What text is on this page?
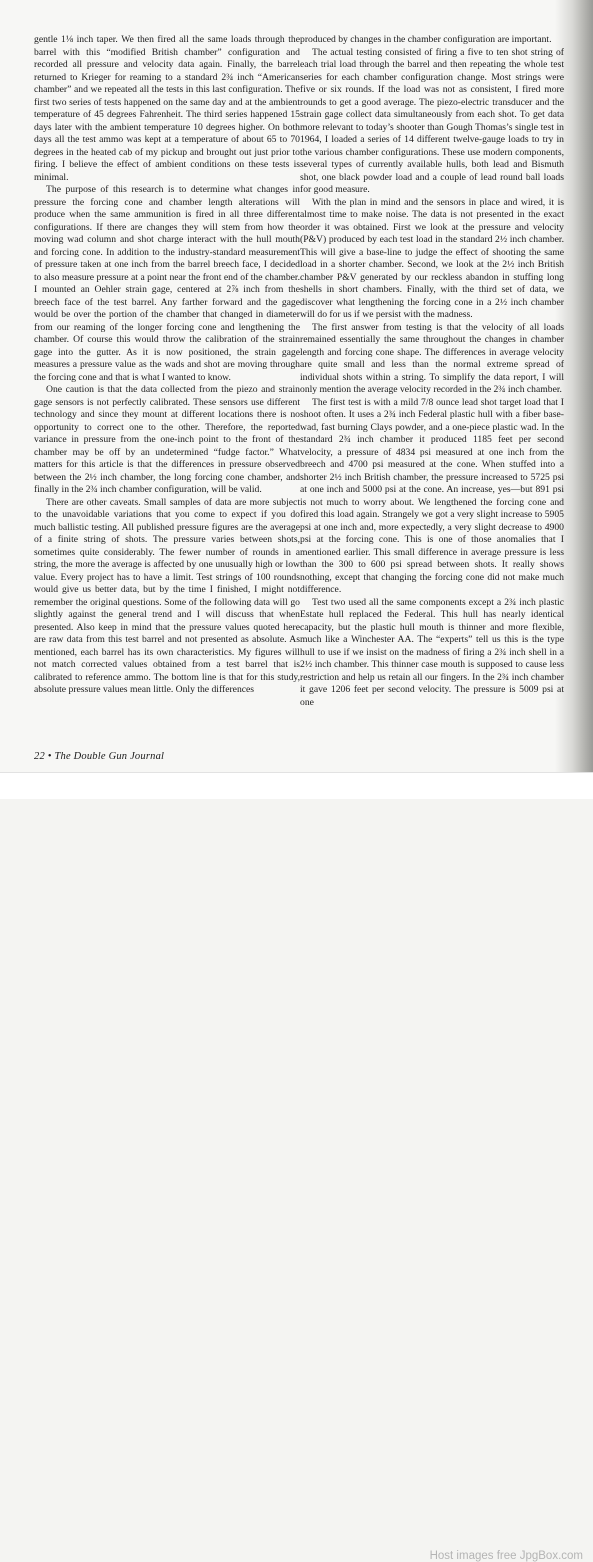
gentle 1⅛ inch taper. We then fired all the same loads through the barrel with this “modified British chamber” configuration and recorded all pressure and velocity data again. Finally, the barrel returned to Krieger for reaming to a standard 2¾ inch “American chamber” and we repeated all the tests in this last configuration. The first two series of tests happened on the same day and at the ambient temperature of 45 degrees Fahrenheit. The third series happened 15 days later with the ambient temperature 10 degrees higher. On both days all the test ammo was kept at a temperature of about 65 to 70 degrees in the heated cab of my pickup and brought out just prior to firing. I believe the effect of ambient conditions on these tests is minimal.

The purpose of this research is to determine what changes in pressure the forcing cone and chamber length alterations will produce when the same ammunition is fired in all three different configurations. If there are changes they will stem from how the moving wad column and shot charge interact with the hull mouth and forcing cone. In addition to the industry-standard measurement of pressure taken at one inch from the barrel breech face, I decided to also measure pressure at a point near the front end of the chamber. I mounted an Oehler strain gage, centered at 2⅞ inch from the breech face of the test barrel. Any farther forward and the gage would be over the portion of the chamber that changed in diameter from our reaming of the longer forcing cone and lengthening the chamber. Of course this would throw the calibration of the strain gage into the gutter. As it is now positioned, the strain gage measures a pressure value as the wads and shot are moving through the forcing cone and that is what I wanted to know.

One caution is that the data collected from the piezo and strain gage sensors is not perfectly calibrated. These sensors use different technology and since they mount at different locations there is no opportunity to correct one to the other. Therefore, the reported variance in pressure from the one-inch point to the front of the chamber may be off by an undetermined “fudge factor.” What matters for this article is that the differences in pressure observed between the 2½ inch chamber, the long forcing cone chamber, and finally in the 2¾ inch chamber configuration, will be valid.

There are other caveats. Small samples of data are more subject to the unavoidable variations that you come to expect if you do much ballistic testing. All published pressure figures are the average of a finite string of shots. The pressure varies between shots, sometimes quite considerably. The fewer number of rounds in a string, the more the average is affected by one unusually high or low value. Every project has to have a limit. Test strings of 100 rounds would give us better data, but by the time I finished, I might not remember the original questions. Some of the following data will go slightly against the general trend and I will discuss that when presented. Also keep in mind that the pressure values quoted here are raw data from this test barrel and not presented as absolute. As mentioned, each barrel has its own characteristics. My figures will not match corrected values obtained from a test barrel that is calibrated to reference ammo. The bottom line is that for this study, absolute pressure values mean little. Only the differences

produced by changes in the chamber configuration are important.

The actual testing consisted of firing a five to ten shot string of each trial load through the barrel and then repeating the whole test series for each chamber configuration change. Most strings were five or six rounds. If the load was not as consistent, I fired more rounds to get a good average. The piezo-electric transducer and the strain gage collect data simultaneously from each shot. To get data more relevant to today’s shooter than Gough Thomas’s single test in 1964, I loaded a series of 14 different twelve-gauge loads to try in the various chamber configurations. These use modern components, several types of currently available hulls, both lead and Bismuth shot, one black powder load and a couple of lead round ball loads for good measure.

With the plan in mind and the sensors in place and wired, it is almost time to make noise. The data is not presented in the exact order it was obtained. First we look at the pressure and velocity (P&V) produced by each test load in the standard 2½ inch chamber. This will give a base-line to judge the effect of shooting the same load in a shorter chamber. Second, we look at the 2½ inch British chamber P&V generated by our reckless abandon in stuffing long shells in short chambers. Finally, with the third set of data, we discover what lengthening the forcing cone in a 2½ inch chamber will do for us if we persist with the madness.

The first answer from testing is that the velocity of all loads remained essentially the same throughout the changes in chamber length and forcing cone shape. The differences in average velocity are quite small and less than the normal extreme spread of individual shots within a string. To simplify the data report, I will only mention the average velocity recorded in the 2¾ inch chamber.

The first test is with a mild 7/8 ounce lead shot target load that I shoot often. It uses a 2¾ inch Federal plastic hull with a fiber base-wad, fast burning Clays powder, and a one-piece plastic wad. In the standard 2¾ inch chamber it produced 1185 feet per second velocity, a pressure of 4834 psi measured at one inch from the breech and 4700 psi measured at the cone. When stuffed into a shorter 2½ inch British chamber, the pressure increased to 5725 psi at one inch and 5000 psi at the cone. An increase, yes—but 891 psi is not much to worry about. We lengthened the forcing cone and fired this load again. Strangely we got a very slight increase to 5905 psi at one inch and, more expectedly, a very slight decrease to 4900 psi at the forcing cone. This is one of those anomalies that I mentioned earlier. This small difference in average pressure is less than the 300 to 600 psi spread between shots. It really shows nothing, except that changing the forcing cone did not make much difference.

Test two used all the same components except a 2¾ inch plastic Estate hull replaced the Federal. This hull has nearly identical capacity, but the plastic hull mouth is thinner and more flexible, much like a Winchester AA. The “experts” tell us this is the type hull to use if we insist on the madness of firing a 2¾ inch shell in a 2½ inch chamber. This thinner case mouth is supposed to cause less restriction and help us retain all our fingers. In the 2¾ inch chamber it gave 1206 feet per second velocity. The pressure is 5009 psi at one

22 • The Double Gun Journal
Host images free JpgBox.com
